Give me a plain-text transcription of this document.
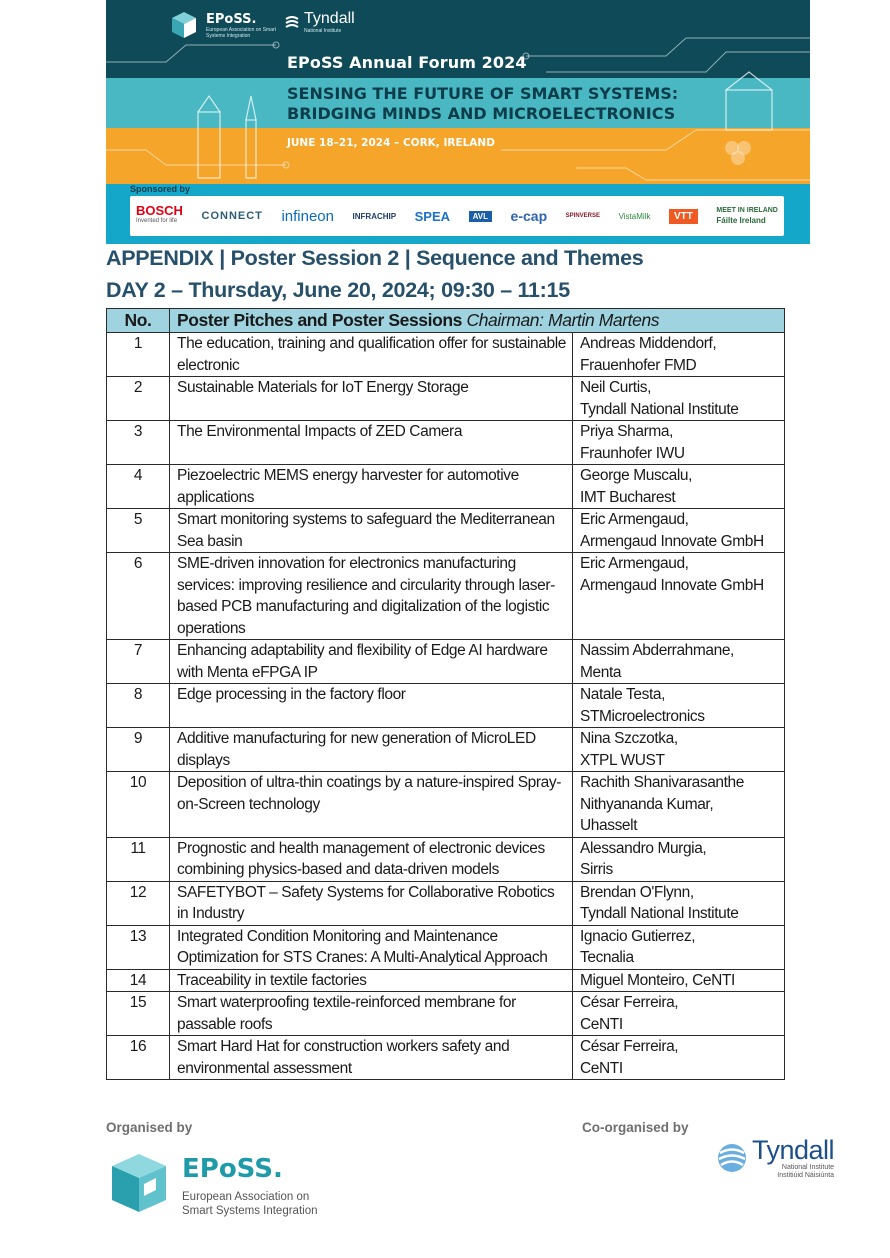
EPoSS.
European Association on Smart Systems Integration
Tyndall
National Institute
EPoSS Annual Forum 2024
SENSING THE FUTURE OF SMART SYSTEMS:
BRIDGING MINDS AND MICROELECTRONICS
JUNE 18–21, 2024 – CORK, IRELAND
Sponsored by
BOSCH
Invented for life	CONNECT infineon INFRACHIP SPEA	AVL e-cap	SPINVERSE VistaMilk	VTT	MEET IN IRELAND
Fáilte Ireland
APPENDIX | Poster Session 2 | Sequence and Themes
DAY 2 – Thursday, June 20, 2024; 09:30 – 11:15
No.	Poster Pitches and Poster Sessions Chairman: Martin Martens	
1	The education, training and qualification offer for sustainable electronic	Andreas Middendorf,
Frauenhofer FMD
2	Sustainable Materials for IoT Energy Storage	Neil Curtis,
Tyndall National Institute
3	The Environmental Impacts of ZED Camera	Priya Sharma,
Fraunhofer IWU
4	Piezoelectric MEMS energy harvester for automotive applications	George Muscalu,
IMT Bucharest
5	Smart monitoring systems to safeguard the Mediterranean Sea basin	Eric Armengaud,
Armengaud Innovate GmbH
6	SME-driven innovation for electronics manufacturing services: improving resilience and circularity through laser-based PCB manufacturing and digitalization of the logistic operations	Eric Armengaud,
Armengaud Innovate GmbH
7	Enhancing adaptability and flexibility of Edge AI hardware with Menta eFPGA IP	Nassim Abderrahmane,
Menta
8	Edge processing in the factory floor	Natale Testa,
STMicroelectronics
9	Additive manufacturing for new generation of MicroLED displays	Nina Szczotka,
XTPL WUST
10	Deposition of ultra-thin coatings by a nature-inspired Spray-on-Screen technology	Rachith Shanivarasanthe
Nithyananda Kumar,
Uhasselt
11	Prognostic and health management of electronic devices combining physics-based and data-driven models	Alessandro Murgia,
Sirris
12	SAFETYBOT – Safety Systems for Collaborative Robotics in Industry	Brendan O'Flynn,
Tyndall National Institute
13	Integrated Condition Monitoring and Maintenance Optimization for STS Cranes: A Multi-Analytical Approach	Ignacio Gutierrez,
Tecnalia
14	Traceability in textile factories	Miguel Monteiro, CeNTI
15	Smart waterproofing textile-reinforced membrane for passable roofs	César Ferreira,
CeNTI
16	Smart Hard Hat for construction workers safety and environmental assessment	César Ferreira,
CeNTI
Organised by	Co-organised by
EPoSS.
European Association on Smart Systems Integration
Tyndall
National Institute
Institiúid Náisiúnta
